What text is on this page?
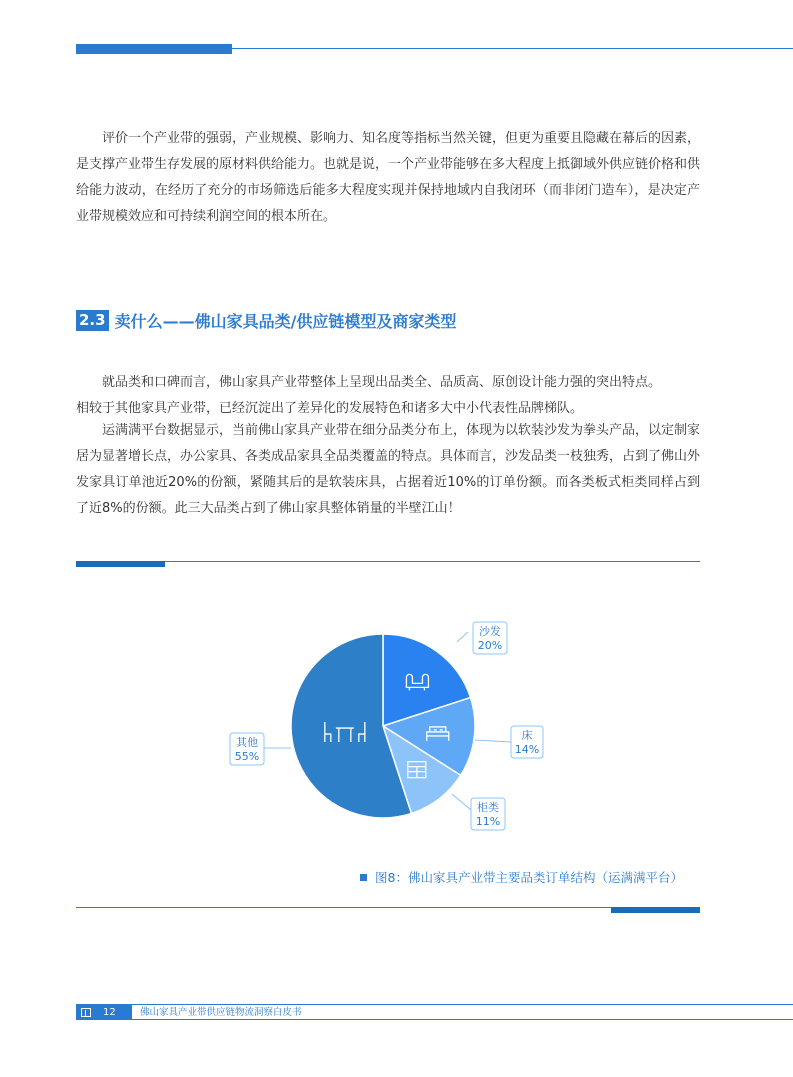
评价一个产业带的强弱，产业规模、影响力、知名度等指标当然关键，但更为重要且隐藏在幕后的因素，是支撑产业带生存发展的原材料供给能力。也就是说，一个产业带能够在多大程度上抵御域外供应链价格和供给能力波动，在经历了充分的市场筛选后能多大程度实现并保持地域内自我闭环（而非闭门造车），是决定产业带规模效应和可持续利润空间的根本所在。

2.3 卖什么——佛山家具品类/供应链模型及商家类型

就品类和口碑而言，佛山家具产业带整体上呈现出品类全、品质高、原创设计能力强的突出特点。

相较于其他家具产业带，已经沉淀出了差异化的发展特色和诸多大中小代表性品牌梯队。

运满满平台数据显示，当前佛山家具产业带在细分品类分布上，体现为以软装沙发为拳头产品，以定制家居为显著增长点，办公家具、各类成品家具全品类覆盖的特点。具体而言，沙发品类一枝独秀，占到了佛山外发家具订单池近20%的份额，紧随其后的是软装床具，占据着近10%的订单份额。而各类板式柜类同样占到了近8%的份额。此三大品类占到了佛山家具整体销量的半壁江山！

沙发
20%
床
14%
柜类
11%
其他
55%
图8：佛山家具产业带主要品类订单结构（运满满平台）
12	佛山家具产业带供应链物流洞察白皮书
